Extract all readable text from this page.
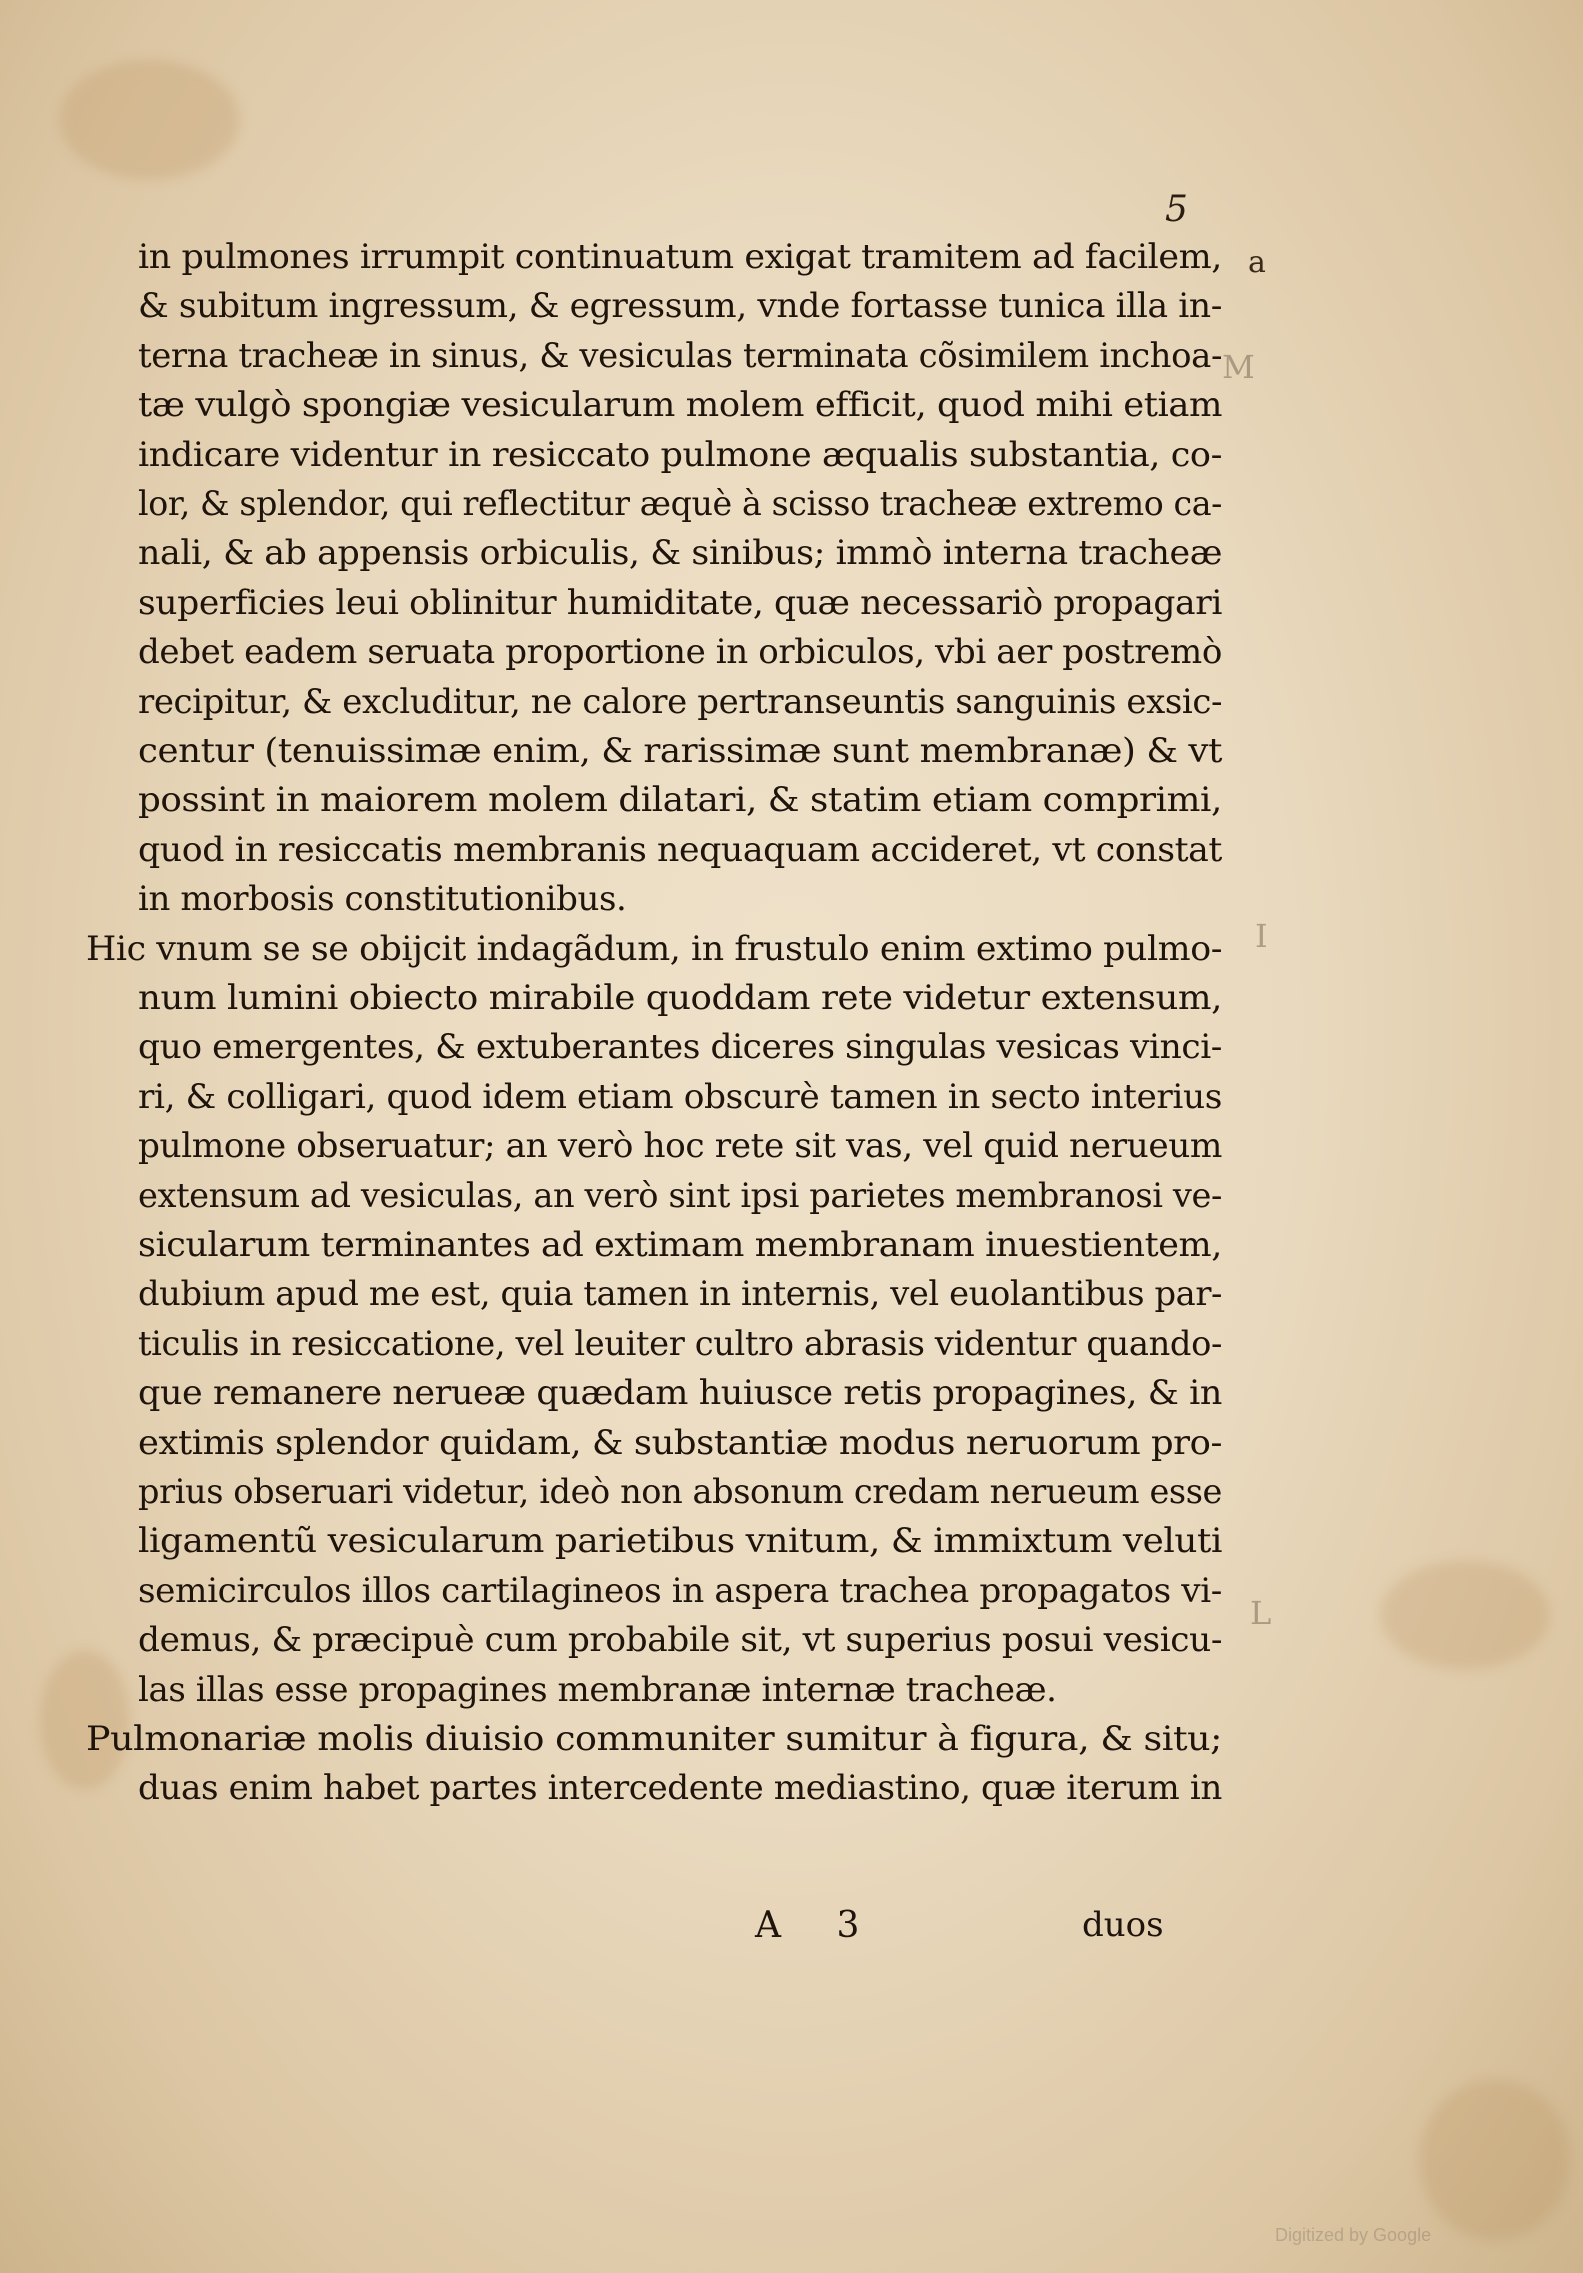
5
a
M
I
L
in pulmones irrumpit continuatum exigat tramitem ad facilem,
& subitum ingressum, & egressum, vnde fortasse tunica illa in-
terna tracheæ in sinus, & vesiculas terminata cõsimilem inchoa-
tæ vulgò spongiæ vesicularum molem efficit, quod mihi etiam
indicare videntur in resiccato pulmone æqualis substantia, co-
lor, & splendor, qui reflectitur æquè à scisso tracheæ extremo ca-
nali, & ab appensis orbiculis, & sinibus; immò interna tracheæ
superficies leui oblinitur humiditate, quæ necessariò propagari
debet eadem seruata proportione in orbiculos, vbi aer postremò
recipitur, & excluditur, ne calore pertranseuntis sanguinis exsic-
centur (tenuissimæ enim, & rarissimæ sunt membranæ) & vt
possint in maiorem molem dilatari, & statim etiam comprimi,
quod in resiccatis membranis nequaquam accideret, vt constat
in morbosis constitutionibus.
Hic vnum se se obijcit indagãdum, in frustulo enim extimo pulmo-
num lumini obiecto mirabile quoddam rete videtur extensum,
quo emergentes, & extuberantes diceres singulas vesicas vinci-
ri, & colligari, quod idem etiam obscurè tamen in secto interius
pulmone obseruatur; an verò hoc rete sit vas, vel quid nerueum
extensum ad vesiculas, an verò sint ipsi parietes membranosi ve-
sicularum terminantes ad extimam membranam inuestientem,
dubium apud me est, quia tamen in internis, vel euolantibus par-
ticulis in resiccatione, vel leuiter cultro abrasis videntur quando-
que remanere nerueæ quædam huiusce retis propagines, & in
extimis splendor quidam, & substantiæ modus neruorum pro-
prius obseruari videtur, ideò non absonum credam nerueum esse
ligamentũ vesicularum parietibus vnitum, & immixtum veluti
semicirculos illos cartilagineos in aspera trachea propagatos vi-
demus, & præcipuè cum probabile sit, vt superius posui vesicu-
las illas esse propagines membranæ internæ tracheæ.
Pulmonariæ molis diuisio communiter sumitur à figura, & situ;
duas enim habet partes intercedente mediastino, quæ iterum in
A 3	duos
Digitized by Google
